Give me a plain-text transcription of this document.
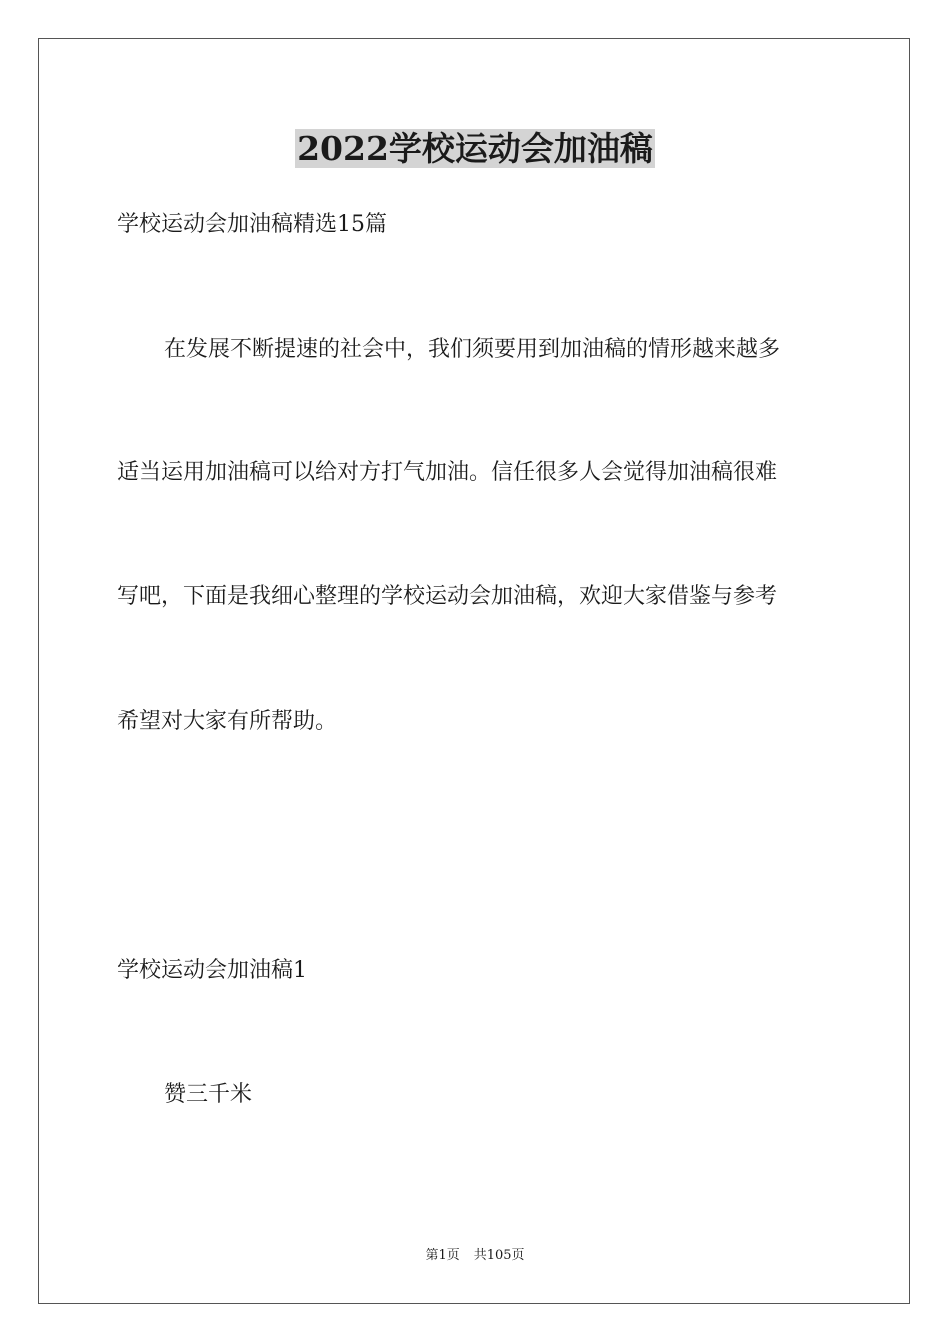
2022学校运动会加油稿
学校运动会加油稿精选15篇
在发展不断提速的社会中，我们须要用到加油稿的情形越来越多
适当运用加油稿可以给对方打气加油。信任很多人会觉得加油稿很难
写吧，下面是我细心整理的学校运动会加油稿，欢迎大家借鉴与参考
希望对大家有所帮助。
学校运动会加油稿1
赞三千米
第1页 共105页
